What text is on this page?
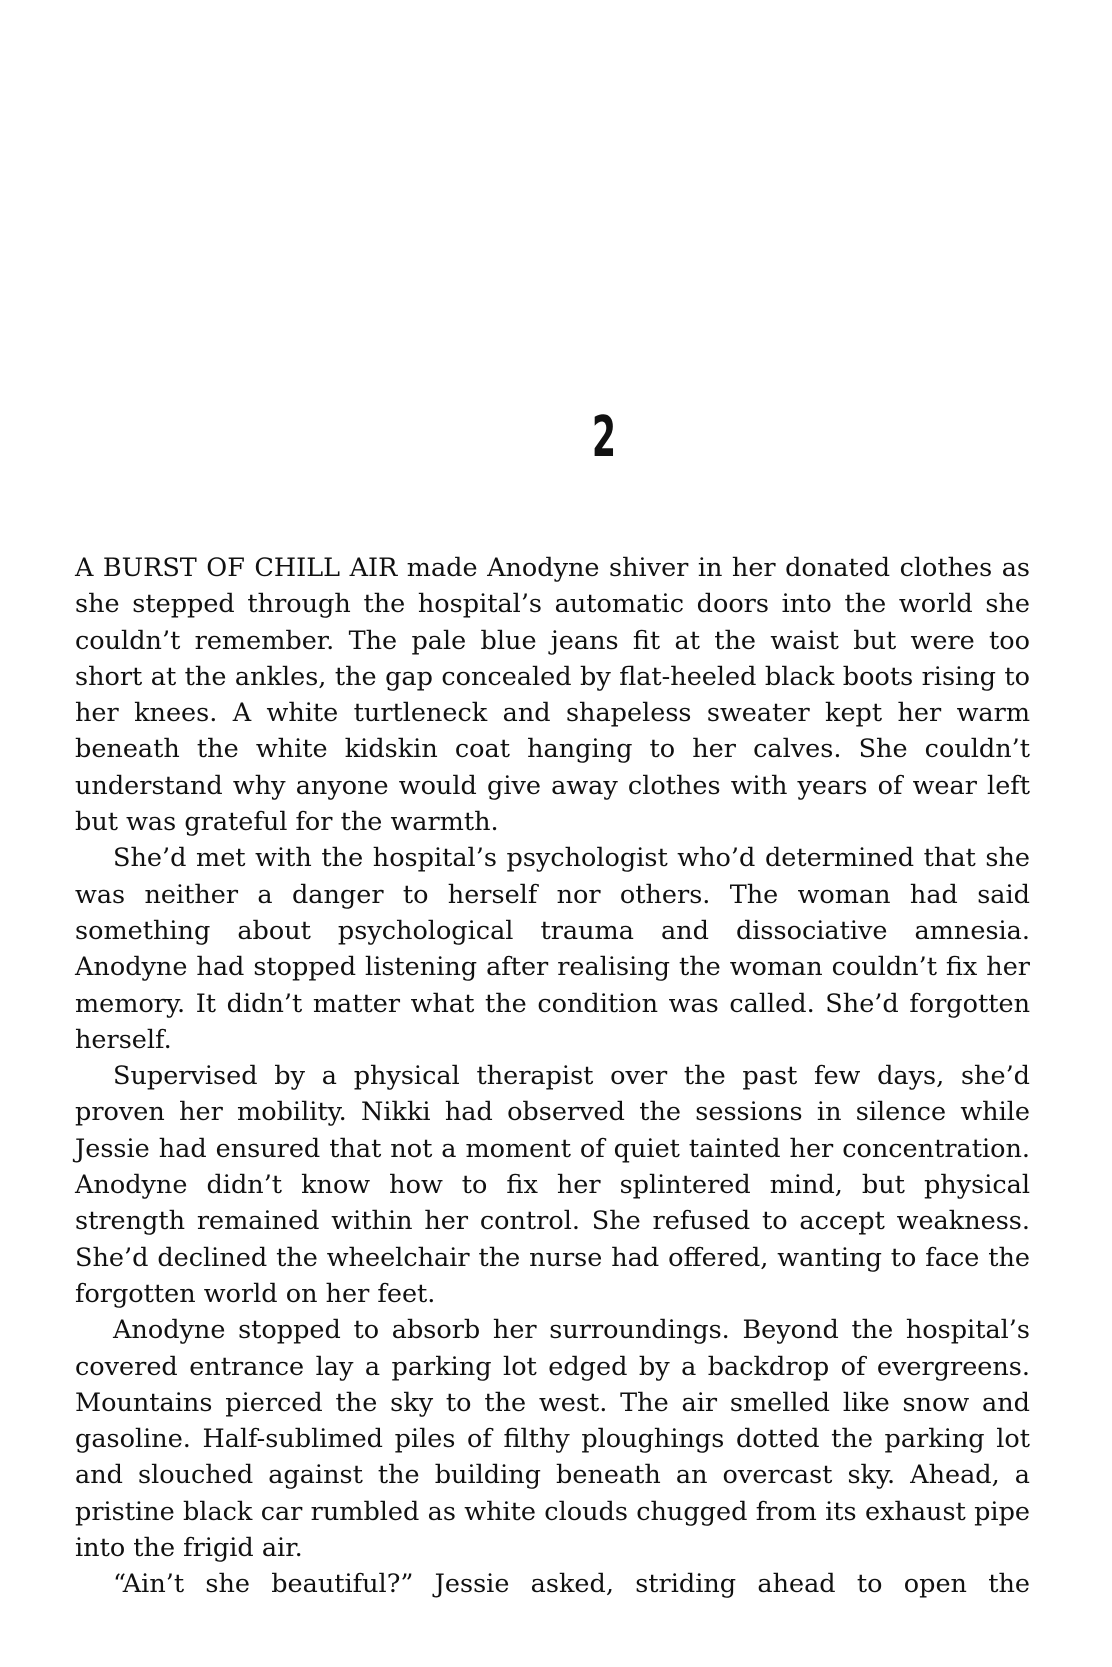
2

A BURST OF CHILL AIR made Anodyne shiver in her donated clothes as she stepped through the hospital’s automatic doors into the world she couldn’t remember. The pale blue jeans fit at the waist but were too short at the ankles, the gap concealed by flat-heeled black boots rising to her knees. A white turtleneck and shapeless sweater kept her warm beneath the white kidskin coat hanging to her calves. She couldn’t understand why anyone would give away clothes with years of wear left but was grateful for the warmth.

She’d met with the hospital’s psychologist who’d determined that she was neither a danger to herself nor others. The woman had said something about psychological trauma and dissociative amnesia. Anodyne had stopped listening after realising the woman couldn’t fix her memory. It didn’t matter what the condition was called. She’d forgotten herself.

Supervised by a physical therapist over the past few days, she’d proven her mobility. Nikki had observed the sessions in silence while Jessie had ensured that not a moment of quiet tainted her concentration. Anodyne didn’t know how to fix her splintered mind, but physical strength remained within her control. She refused to accept weakness. She’d declined the wheelchair the nurse had offered, wanting to face the forgotten world on her feet.

Anodyne stopped to absorb her surroundings. Beyond the hospital’s covered entrance lay a parking lot edged by a backdrop of evergreens. Mountains pierced the sky to the west. The air smelled like snow and gasoline. Half-sublimed piles of filthy ploughings dotted the parking lot and slouched against the building beneath an overcast sky. Ahead, a pristine black car rumbled as white clouds chugged from its exhaust pipe into the frigid air.

“Ain’t she beautiful?” Jessie asked, striding ahead to open the
